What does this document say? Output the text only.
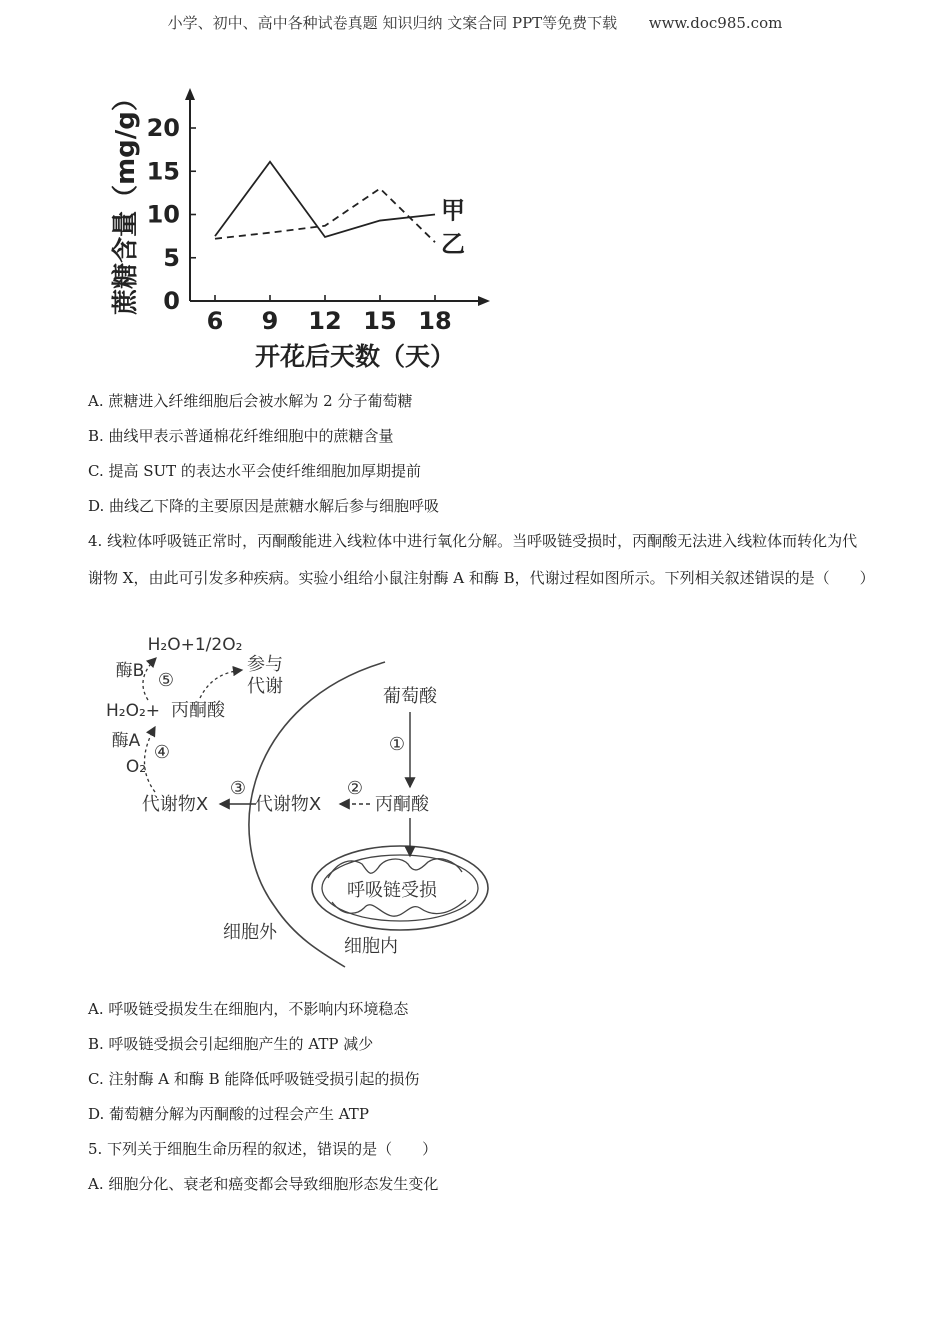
小学、初中、高中各种试卷真题 知识归纳 文案合同 PPT等免费下载 www.doc985.com
0
5
10
15
20
6 9 12 15 18
甲
乙
蔗糖含量（mg/g）
开花后天数（天）
A. 蔗糖进入纤维细胞后会被水解为 2 分子葡萄糖
B. 曲线甲表示普通棉花纤维细胞中的蔗糖含量
C. 提高 SUT 的表达水平会使纤维细胞加厚期提前
D. 曲线乙下降的主要原因是蔗糖水解后参与细胞呼吸
4. 线粒体呼吸链正常时，丙酮酸能进入线粒体中进行氧化分解。当呼吸链受损时，丙酮酸无法进入线粒体而转化为代谢物 X，由此可引发多种疾病。实验小组给小鼠注射酶 A 和酶 B，代谢过程如图所示。下列相关叙述错误的是（　　）
呼吸链受损
葡萄酸
①
丙酮酸
②
代谢物X
③
代谢物X
O₂
④
酶A
H₂O₂+ 丙酮酸
⑤
酶B
H₂O+1/2O₂
参与
代谢
细胞外
细胞内
A. 呼吸链受损发生在细胞内，不影响内环境稳态
B. 呼吸链受损会引起细胞产生的 ATP 减少
C. 注射酶 A 和酶 B 能降低呼吸链受损引起的损伤
D. 葡萄糖分解为丙酮酸的过程会产生 ATP
5. 下列关于细胞生命历程的叙述，错误的是（　　）
A. 细胞分化、衰老和癌变都会导致细胞形态发生变化
